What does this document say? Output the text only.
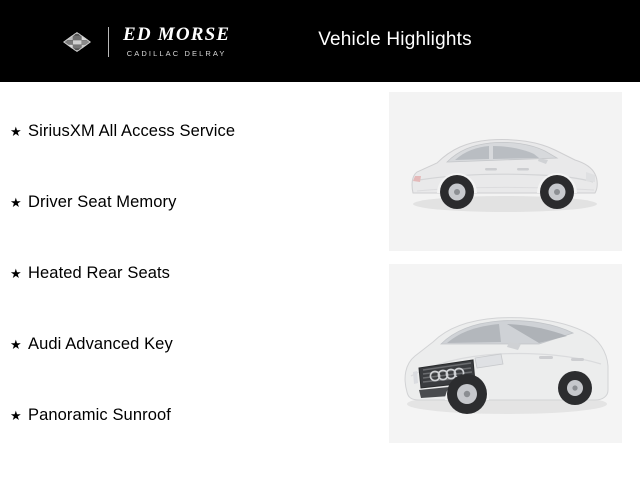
ED MORSE
CADILLAC DELRAY
Vehicle Highlights
★ SiriusXM All Access Service
★ Driver Seat Memory
★ Heated Rear Seats
★ Audi Advanced Key
★ Panoramic Sunroof
